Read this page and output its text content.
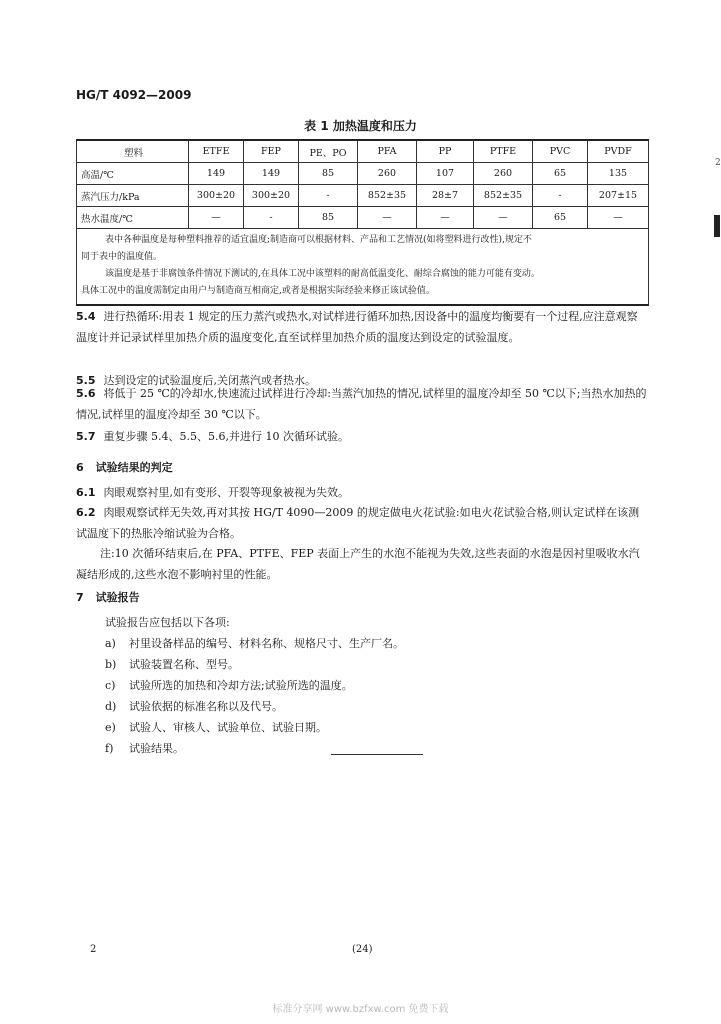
HG/T 4092—2009
2
表 1 加热温度和压力
塑料	ETFE	FEP	PE、PO	PFA	PP	PTFE	PVC	PVDF
高温/℃	149	149	85	260	107	260	65	135
蒸汽压力/kPa	300±20	300±20	-	852±35	28±7	852±35	-	207±15
热水温度/℃	—	-	85	—	—	—	65	—

表中各种温度是每种塑料推荐的适宜温度;制造商可以根据材料、产品和工艺情况(如将塑料进行改性),规定不
同于表中的温度值。
该温度是基于非腐蚀条件情况下测试的,在具体工况中该塑料的耐高低温变化、耐综合腐蚀的能力可能有变动。
具体工况中的温度需制定由用户与制造商互相商定,或者是根据实际经验来修正该试验值。								
5.4 进行热循环:用表 1 规定的压力蒸汽或热水,对试样进行循环加热,因设备中的温度均衡要有一个过程,应注意观察温度计并记录试样里加热介质的温度变化,直至试样里加热介质的温度达到设定的试验温度。
5.5 达到设定的试验温度后,关闭蒸汽或者热水。
5.6 将低于 25 ℃的冷却水,快速流过试样进行冷却:当蒸汽加热的情况,试样里的温度冷却至 50 ℃以下;当热水加热的情况,试样里的温度冷却至 30 ℃以下。
5.7 重复步骤 5.4、5.5、5.6,并进行 10 次循环试验。
6 试验结果的判定
6.1 肉眼观察衬里,如有变形、开裂等现象被视为失效。
6.2 肉眼观察试样无失效,再对其按 HG/T 4090—2009 的规定做电火花试验:如电火花试验合格,则认定试样在该测试温度下的热胀冷缩试验为合格。
注:10 次循环结束后,在 PFA、PTFE、FEP 表面上产生的水泡不能视为失效,这些表面的水泡是因衬里吸收水汽凝结形成的,这些水泡不影响衬里的性能。
7 试验报告
试验报告应包括以下各项:
a) 衬里设备样品的编号、材料名称、规格尺寸、生产厂名。
b) 试验装置名称、型号。
c) 试验所选的加热和冷却方法;试验所选的温度。
d) 试验依据的标准名称以及代号。
e) 试验人、审核人、试验单位、试验日期。
f) 试验结果。
2	(24)
标准分享网 www.bzfxw.com 免费下载
